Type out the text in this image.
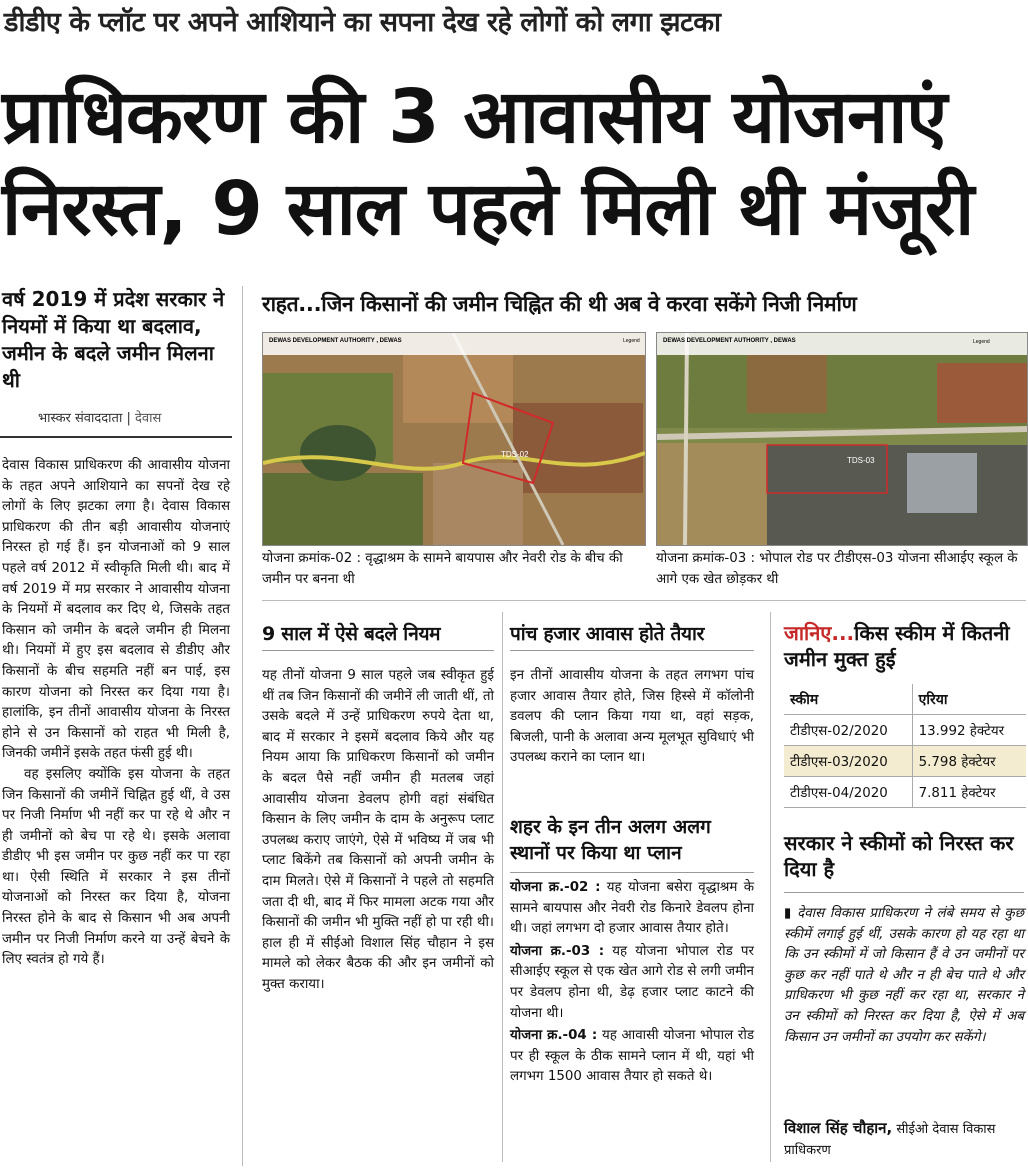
डीडीए के प्लॉट पर अपने आशियाने का सपना देख रहे लोगों को लगा झटका
प्राधिकरण की 3 आवासीय योजनाएं
निरस्त, 9 साल पहले मिली थी मंजूरी
वर्ष 2019 में प्रदेश सरकार ने नियमों में किया था बदलाव, जमीन के बदले जमीन मिलना थी
भास्कर संवाददाता | देवास

देवास विकास प्राधिकरण की आवासीय योजना के तहत अपने आशियाने का सपनों देख रहे लोगों के लिए झटका लगा है। देवास विकास प्राधिकरण की तीन बड़ी आवासीय योजनाएं निरस्त हो गई हैं। इन योजनाओं को 9 साल पहले वर्ष 2012 में स्वीकृति मिली थी। बाद में वर्ष 2019 में मप्र सरकार ने आवासीय योजना के नियमों में बदलाव कर दिए थे, जिसके तहत किसान को जमीन के बदले जमीन ही मिलना थी। नियमों में हुए इस बदलाव से डीडीए और किसानों के बीच सहमति नहीं बन पाई, इस कारण योजना को निरस्त कर दिया गया है। हालांकि, इन तीनों आवासीय योजना के निरस्त होने से उन किसानों को राहत भी मिली है, जिनकी जमीनें इसके तहत फंसी हुई थी।

वह इसलिए क्योंकि इस योजना के तहत जिन किसानों की जमीनें चिह्नित हुई थीं, वे उस पर निजी निर्माण भी नहीं कर पा रहे थे और न ही जमीनों को बेच पा रहे थे। इसके अलावा डीडीए भी इस जमीन पर कुछ नहीं कर पा रहा था। ऐसी स्थिति में सरकार ने इस तीनों योजनाओं को निरस्त कर दिया है, योजना निरस्त होने के बाद से किसान भी अब अपनी जमीन पर निजी निर्माण करने या उन्हें बेचने के लिए स्वतंत्र हो गये हैं।

राहत...जिन किसानों की जमीन चिह्नित की थी अब वे करवा सकेंगे निजी निर्माण
DEWAS DEVELOPMENT AUTHORITY , DEWAS	Legend
TDS-02
योजना क्रमांक-02 : वृद्धाश्रम के सामने बायपास और नेवरी रोड के बीच की जमीन पर बनना थी
DEWAS DEVELOPMENT AUTHORITY , DEWAS	Legend
TDS-03
योजना क्रमांक-03 : भोपाल रोड पर टीडीएस-03 योजना सीआईए स्कूल के आगे एक खेत छोड़कर थी
9 साल में ऐसे बदले नियम
यह तीनों योजना 9 साल पहले जब स्वीकृत हुई थीं तब जिन किसानों की जमीनें ली जाती थीं, तो उसके बदले में उन्हें प्राधिकरण रुपये देता था, बाद में सरकार ने इसमें बदलाव किये और यह नियम आया कि प्राधिकरण किसानों को जमीन के बदल पैसे नहीं जमीन ही मतलब जहां आवासीय योजना डेवलप होगी वहां संबंधित किसान के लिए जमीन के दाम के अनुरूप प्लाट उपलब्ध कराए जाएंगे, ऐसे में भविष्य में जब भी प्लाट बिकेंगे तब किसानों को अपनी जमीन के दाम मिलते। ऐसे में किसानों ने पहले तो सहमति जता दी थी, बाद में फिर मामला अटक गया और किसानों की जमीन भी मुक्ति नहीं हो पा रही थी। हाल ही में सीईओ विशाल सिंह चौहान ने इस मामले को लेकर बैठक की और इन जमीनों को मुक्त कराया।
पांच हजार आवास होते तैयार
इन तीनों आवासीय योजना के तहत लगभग पांच हजार आवास तैयार होते, जिस हिस्से में कॉलोनी डवलप की प्लान किया गया था, वहां सड़क, बिजली, पानी के अलावा अन्य मूलभूत सुविधाएं भी उपलब्ध कराने का प्लान था।
शहर के इन तीन अलग अलग स्थानों पर किया था प्लान

योजना क्र.-02 : यह योजना बसेरा वृद्धाश्रम के सामने बायपास और नेवरी रोड किनारे डेवलप होना थी। जहां लगभग दो हजार आवास तैयार होते।

योजना क्र.-03 : यह योजना भोपाल रोड पर सीआईए स्कूल से एक खेत आगे रोड से लगी जमीन पर डेवलप होना थी, डेढ़ हजार प्लाट काटने की योजना थी।

योजना क्र.-04 : यह आवासी योजना भोपाल रोड पर ही स्कूल के ठीक सामने प्लान में थी, यहां भी लगभग 1500 आवास तैयार हो सकते थे।

जानिए...किस स्कीम में कितनी जमीन मुक्त हुई
स्कीम	एरिया
टीडीएस-02/2020	13.992 हेक्टेयर
टीडीएस-03/2020	5.798 हेक्टेयर
टीडीएस-04/2020	7.811 हेक्टेयर
सरकार ने स्कीमों को निरस्त कर दिया है
▮ देवास विकास प्राधिकरण ने लंबे समय से कुछ स्कीमें लगाई हुई थीं, उसके कारण हो यह रहा था कि उन स्कीमों में जो किसान हैं वे उन जमीनों पर कुछ कर नहीं पाते थे और न ही बेच पाते थे और प्राधिकरण भी कुछ नहीं कर रहा था, सरकार ने उन स्कीमों को निरस्त कर दिया है, ऐसे में अब किसान उन जमीनों का उपयोग कर सकेंगे।
विशाल सिंह चौहान, सीईओ देवास विकास प्राधिकरण
